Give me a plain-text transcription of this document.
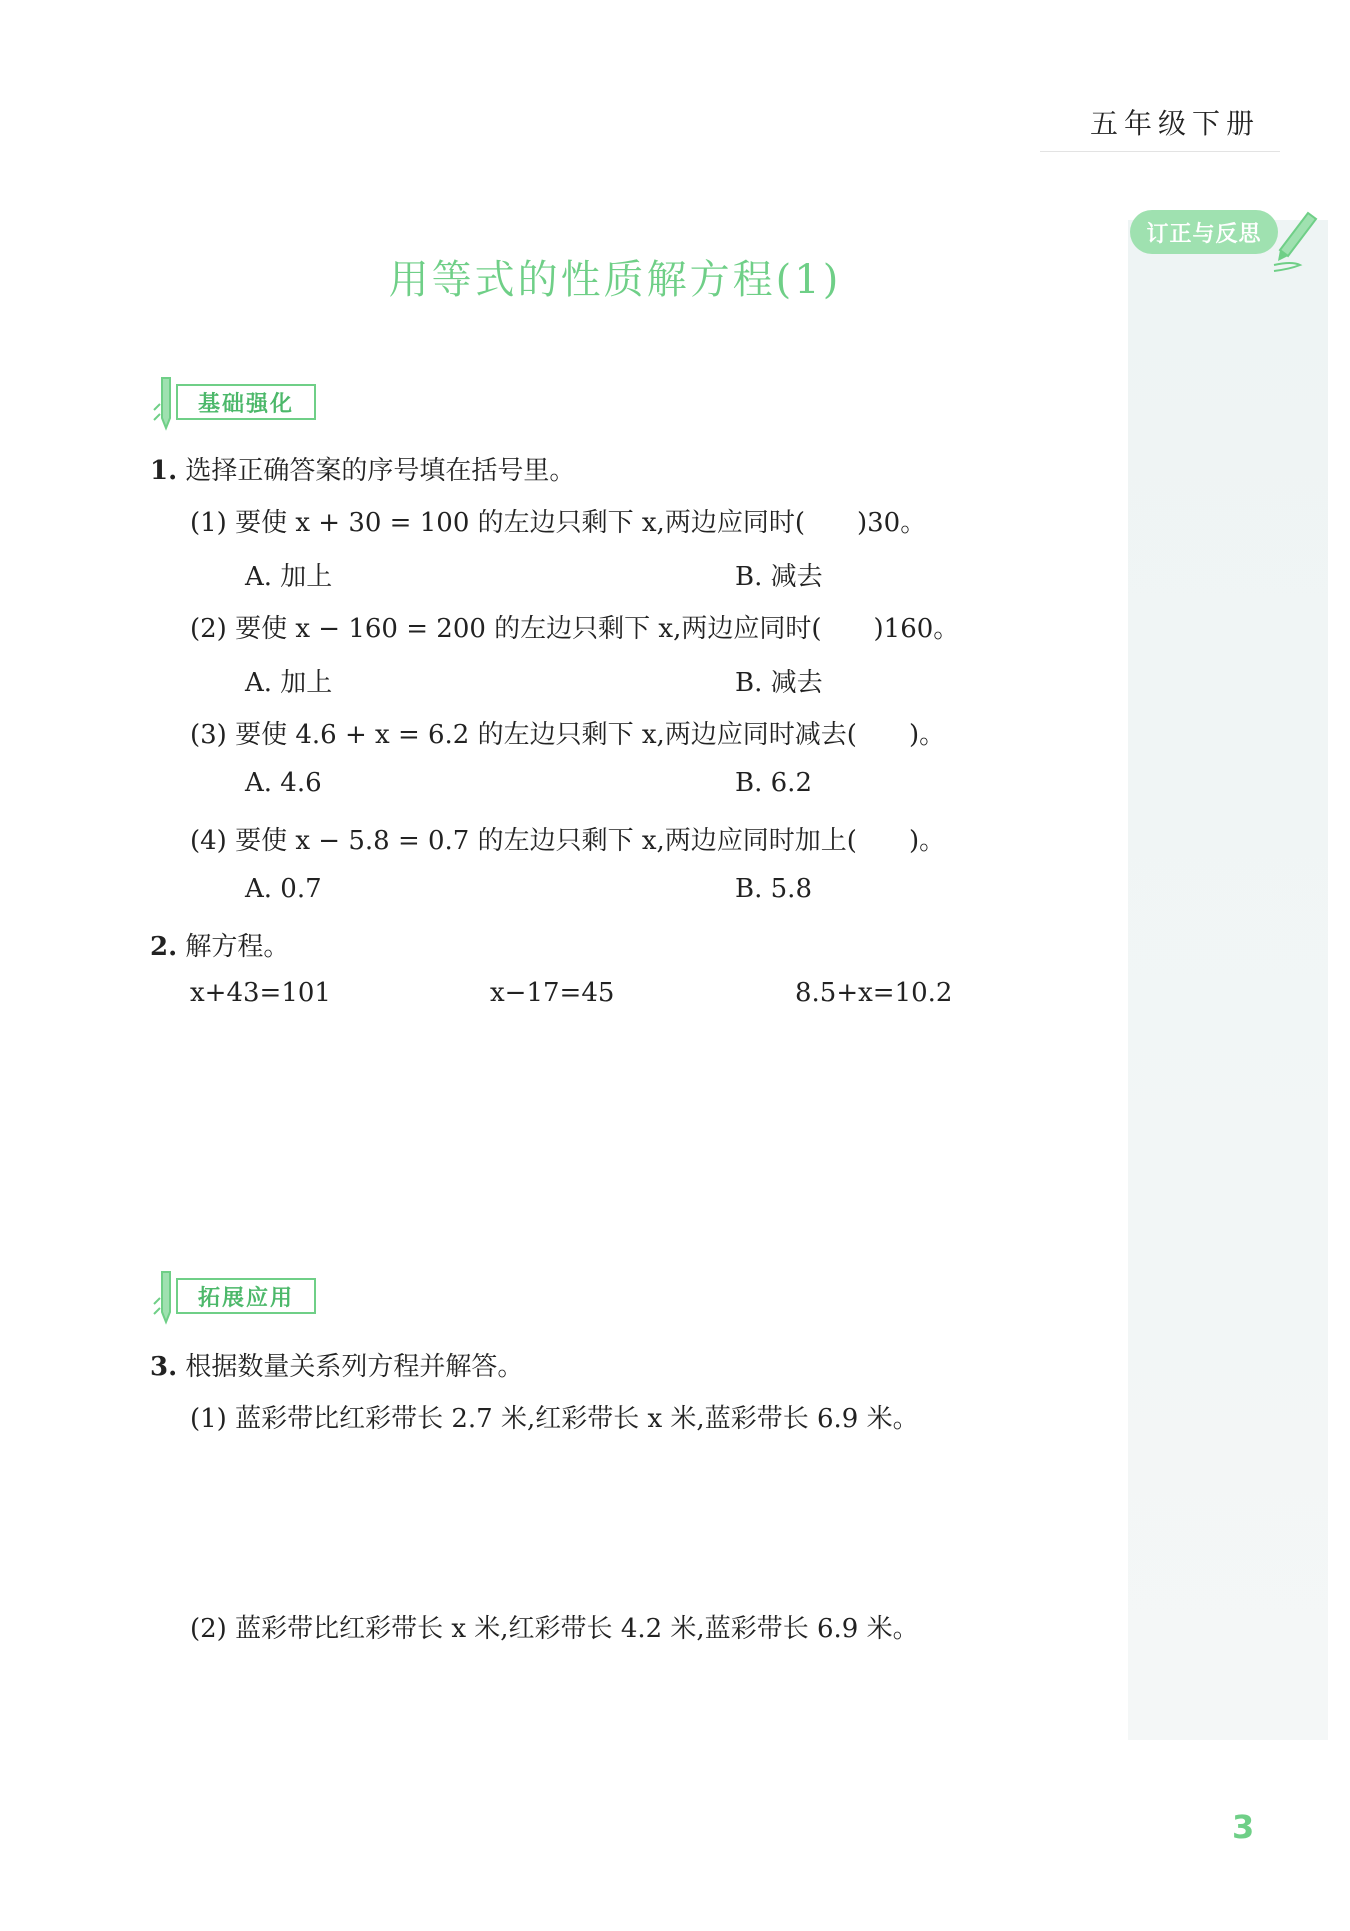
五年级下册
订正与反思
用等式的性质解方程(1)
基础强化
1. 选择正确答案的序号填在括号里。
(1) 要使 x + 30 = 100 的左边只剩下 x,两边应同时(　　)30。
A. 加上	B. 减去
(2) 要使 x − 160 = 200 的左边只剩下 x,两边应同时(　　)160。
A. 加上	B. 减去
(3) 要使 4.6 + x = 6.2 的左边只剩下 x,两边应同时减去(　　)。
A. 4.6	B. 6.2
(4) 要使 x − 5.8 = 0.7 的左边只剩下 x,两边应同时加上(　　)。
A. 0.7	B. 5.8
2. 解方程。
x+43=101	x−17=45	8.5+x=10.2
拓展应用
3. 根据数量关系列方程并解答。
(1) 蓝彩带比红彩带长 2.7 米,红彩带长 x 米,蓝彩带长 6.9 米。
(2) 蓝彩带比红彩带长 x 米,红彩带长 4.2 米,蓝彩带长 6.9 米。
3
